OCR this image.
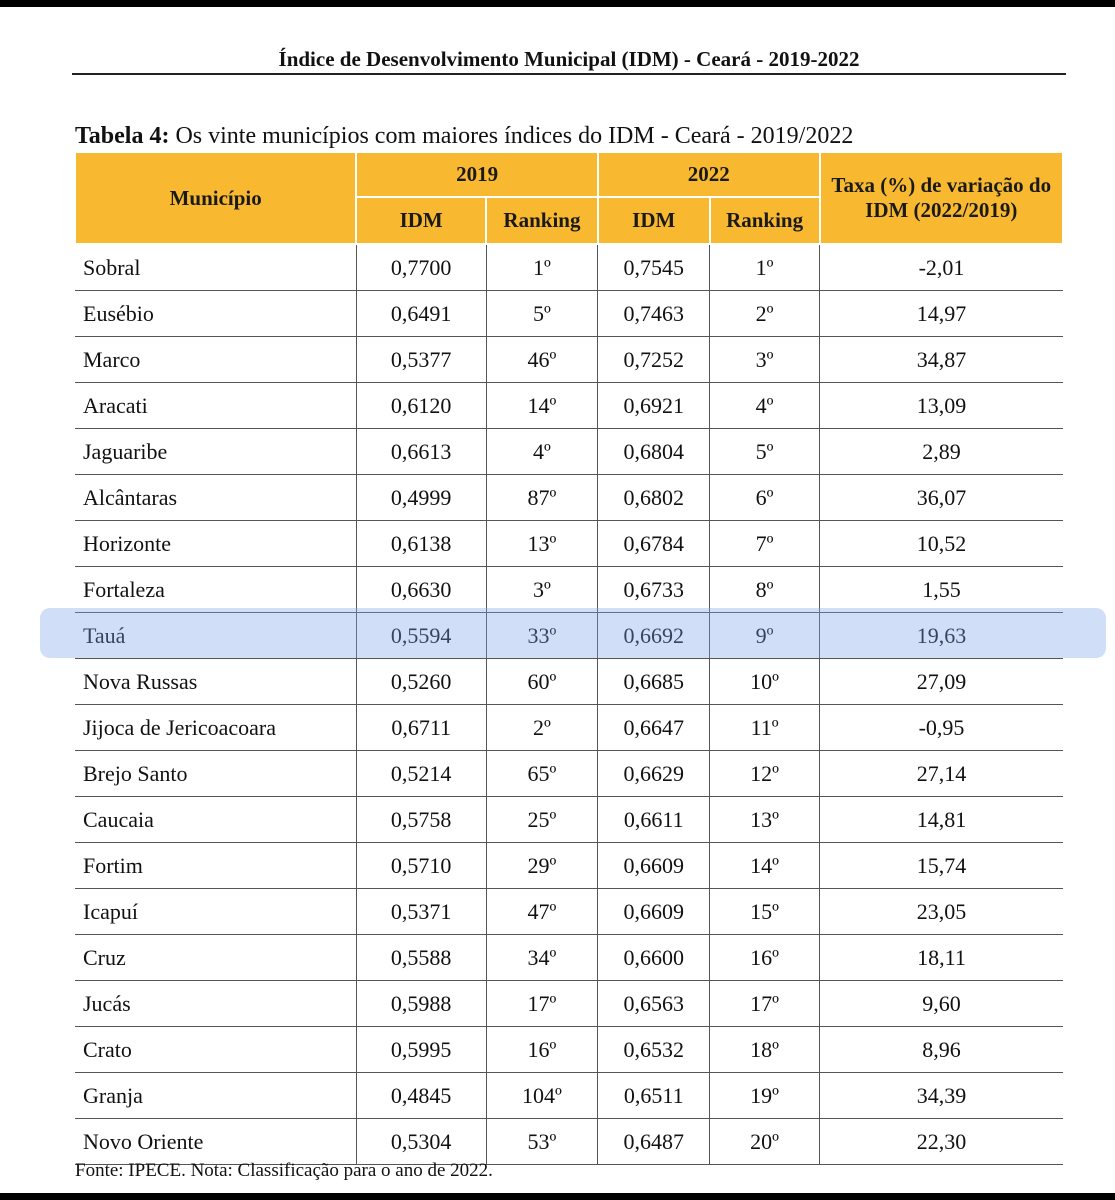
Índice de Desenvolvimento Municipal (IDM) - Ceará - 2019-2022
Tabela 4: Os vinte municípios com maiores índices do IDM - Ceará - 2019/2022
Município	2019		2022		Taxa (%) de variação do IDM (2022/2019)
	IDM	Ranking	IDM	Ranking	
Sobral	0,7700	1º	0,7545	1º	-2,01
Eusébio	0,6491	5º	0,7463	2º	14,97
Marco	0,5377	46º	0,7252	3º	34,87
Aracati	0,6120	14º	0,6921	4º	13,09
Jaguaribe	0,6613	4º	0,6804	5º	2,89
Alcântaras	0,4999	87º	0,6802	6º	36,07
Horizonte	0,6138	13º	0,6784	7º	10,52
Fortaleza	0,6630	3º	0,6733	8º	1,55
Tauá	0,5594	33º	0,6692	9º	19,63
Nova Russas	0,5260	60º	0,6685	10º	27,09
Jijoca de Jericoacoara	0,6711	2º	0,6647	11º	-0,95
Brejo Santo	0,5214	65º	0,6629	12º	27,14
Caucaia	0,5758	25º	0,6611	13º	14,81
Fortim	0,5710	29º	0,6609	14º	15,74
Icapuí	0,5371	47º	0,6609	15º	23,05
Cruz	0,5588	34º	0,6600	16º	18,11
Jucás	0,5988	17º	0,6563	17º	9,60
Crato	0,5995	16º	0,6532	18º	8,96
Granja	0,4845	104º	0,6511	19º	34,39
Novo Oriente	0,5304	53º	0,6487	20º	22,30
Fonte: IPECE. Nota: Classificação para o ano de 2022.
